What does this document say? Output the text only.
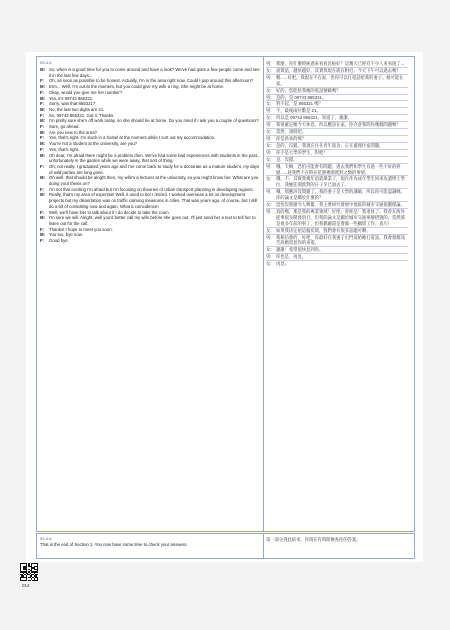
09-4-5
M: So, when is a good time for you to come around and have a look? We've had quite a few people come and see it in the last few days...
F:	Oh, as soon as possible to be honest. Actually, I'm in the area right now. Could I pop around this afternoon?
M: Erm... Well, I'm out at the moment, but you could give my wife a ring. She might be at home.
F:	Okay, would you give me her number?
M: Yes, it's 09743 865321.
F:	Sorry, was that 865321?
M: No, the last two digits are 21.
F:	So, 09743 865321. Got it. Thanks.
M: I'm pretty sure she's off work today, so she should be at home. Do you mind if I ask you a couple of questions?
F:	Sure, go ahead.
M: Are you new to the area?
F:	Yes, that's right. I'm stuck in a hostel at the moment while I sort out my accommodation.
M: You're not a student at the university, are you?
F:	Yes, that's right.
M: Oh dear, I'm afraid there might be a problem then. We've had some bad experiences with students in the past... unfortunately in the garden while we were away, that sort of thing.
F:	Oh, not really. I graduated years ago and I've come back to study for a doctorate as a mature student, my days of wild parties are long gone.
M: Oh well, that should be alright then, my wife's a lecturer at the university, so you might know her. What are you doing your thesis on?
F:	I'm not that exciting I'm afraid but I'm focusing on theories of urban transport planning in developing regions.
M: Really, that's my area of expertise! Well, it used to be! I retired. I worked overseas a lot on development projects but my dissertation was on traffic calming measures in cities. That was years ago, of course, but I still do a bit of consulting now and again. What a coincidence!
F:	Well, we'll have lots to talk about if I do decide to take the room.
M: I'm sure we will. Alright, well you'd better call my wife before she goes out. I'll just send her a text to tell her to listen out for the call.
F:	Thanks! I hope to meet you soon.
M: You too, bye now.
F:	Good bye.
男:	那麼，你什麼時候過來看看比較好？這幾天已經有不少人來看過了...
女:	說實話，越快越好。其實我現在就在附近。今天下午可以過去嗎？
男:	嗯......好吧，我現在不在家，但你可以打電話給我的妻子。她可能在家。
女:	好的，您能給我她的電話號碼嗎？
男:	是的，是 09743 865321。
女:	對不起，是 865321 嗎？
男:	不，最後兩位數是 21。
女:	所以是 09743 865321。知道了，謝謝。
男:	我很確定她今天休息，所以應該在家。你介意我問你幾個問題嗎？
女:	當然，請問吧。
男:	你是新來的嗎？
女:	是的，沒錯。我現在住在青年旅舍，正在處理住宿問題。
男:	你不是大學的學生，對吧？
女:	是，沒錯。
男:	哦，天啊，恐怕可能會有問題。過去我們和學生有過一些不好的經歷......趁我們不在時在花園裡開派對之類的事情。
女:	哦，不，其實我幾年前就畢業了，現在作為成年學生回來攻讀博士學位，我瘋狂開派對的日子早已過去了。
男:	哦，那應該沒問題了，我的妻子是大學的講師，所以你可能認識她。你的論文是關於什麼的？
女:	恐怕沒那麼令人興奮，我主要研究發展中地區的城市交通規劃理論。
男:	真的嗎，那是我的專業領域！好吧，曾經是！我退休了。我曾在海外從事很多開發項目，但我的論文是關於城市交通寧靜措施的。當然那是很多年前的事了，但我偶爾還是會做一些顧問工作。真巧！
女:	如果我決定租這個房間，我們會有很多話題可聊。
男:	我相信會的。好吧，你最好在我妻子出門前給她打電話。我會發簡訊告訴她留意你的來電。
女:	謝謝！希望很快見到你。
男:	你也是，再見。
女:	再見。
09-4-6
That is the end of Section 1. You now have some time to check your answers.
第一部分到此結束。你現在有時間檢查你的答案。
014
